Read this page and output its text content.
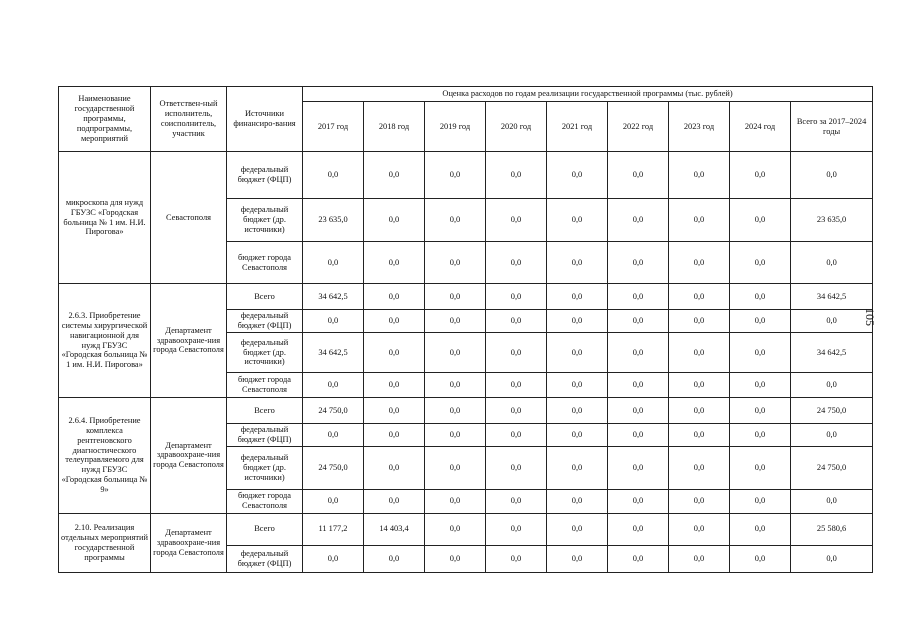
Наименование государственной программы, подпрограммы, мероприятий	Ответствен-ный исполнитель, соисполнитель, участник	Источники финансиро-вания	Оценка расходов по годам реализации государственной программы (тыс. рублей)								
			2017 год	2018 год	2019 год	2020 год	2021 год	2022 год	2023 год	2024 год	Всего за 2017–2024 годы
микроскопа для нужд ГБУЗС «Городская больница № 1 им. Н.И. Пирогова»	Севастополя	федеральный бюджет (ФЦП)	0,0	0,0	0,0	0,0	0,0	0,0	0,0	0,0	0,0
		федеральный бюджет (др. источники)	23 635,0	0,0	0,0	0,0	0,0	0,0	0,0	0,0	23 635,0
		бюджет города Севастополя	0,0	0,0	0,0	0,0	0,0	0,0	0,0	0,0	0,0
2.6.3. Приобретение системы хирургической навигационной для нужд ГБУЗС «Городская больница № 1 им. Н.И. Пирогова»	Департамент здравоохране-ния города Севастополя	Всего	34 642,5	0,0	0,0	0,0	0,0	0,0	0,0	0,0	34 642,5
		федеральный бюджет (ФЦП)	0,0	0,0	0,0	0,0	0,0	0,0	0,0	0,0	0,0
		федеральный бюджет (др. источники)	34 642,5	0,0	0,0	0,0	0,0	0,0	0,0	0,0	34 642,5
		бюджет города Севастополя	0,0	0,0	0,0	0,0	0,0	0,0	0,0	0,0	0,0
2.6.4. Приобретение комплекса рентгеновского диагностического телеуправляемого для нужд ГБУЗС «Городская больница № 9»	Департамент здравоохране-ния города Севастополя	Всего	24 750,0	0,0	0,0	0,0	0,0	0,0	0,0	0,0	24 750,0
		федеральный бюджет (ФЦП)	0,0	0,0	0,0	0,0	0,0	0,0	0,0	0,0	0,0
		федеральный бюджет (др. источники)	24 750,0	0,0	0,0	0,0	0,0	0,0	0,0	0,0	24 750,0
		бюджет города Севастополя	0,0	0,0	0,0	0,0	0,0	0,0	0,0	0,0	0,0
2.10. Реализация отдельных мероприятий государственной программы	Департамент здравоохране-ния города Севастополя	Всего	11 177,2	14 403,4	0,0	0,0	0,0	0,0	0,0	0,0	25 580,6
		федеральный бюджет (ФЦП)	0,0	0,0	0,0	0,0	0,0	0,0	0,0	0,0	0,0
105
